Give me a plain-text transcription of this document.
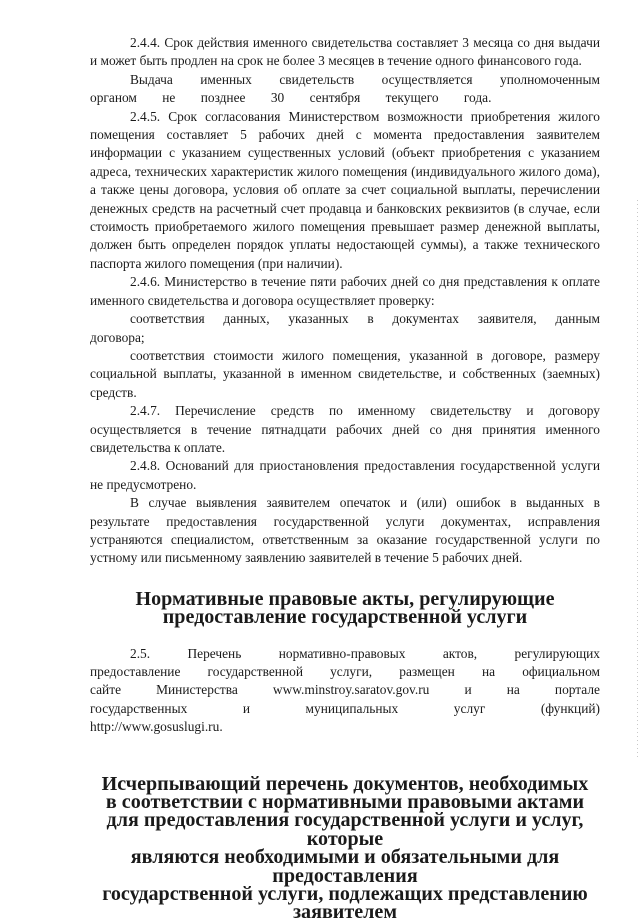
2.4.4. Срок действия именного свидетельства составляет 3 месяца со дня выдачи и может быть продлен на срок не более 3 месяцев в течение одного финансового года.

Выдача именных свидетельств осуществляется уполномоченным органом не позднее 30 сентября текущего года.

2.4.5. Срок согласования Министерством возможности приобретения жилого помещения составляет 5 рабочих дней с момента предоставления заявителем информации с указанием существенных условий (объект приобретения с указанием адреса, технических характеристик жилого помещения (индивидуального жилого дома), а также цены договора, условия об оплате за счет социальной выплаты, перечислении денежных средств на расчетный счет продавца и банковских реквизитов (в случае, если стоимость приобретаемого жилого помещения превышает размер денежной выплаты, должен быть определен порядок уплаты недостающей суммы), а также технического паспорта жилого помещения (при наличии).

2.4.6. Министерство в течение пяти рабочих дней со дня представления к оплате именного свидетельства и договора осуществляет проверку:

соответствия данных, указанных в документах заявителя, данным договора;

соответствия стоимости жилого помещения, указанной в договоре, размеру социальной выплаты, указанной в именном свидетельстве, и собственных (заемных) средств.

2.4.7. Перечисление средств по именному свидетельству и договору осуществляется в течение пятнадцати рабочих дней со дня принятия именного свидетельства к оплате.

2.4.8. Оснований для приостановления предоставления государственной услуги не предусмотрено.

В случае выявления заявителем опечаток и (или) ошибок в выданных в результате предоставления государственной услуги документах, исправления устраняются специалистом, ответственным за оказание государственной услуги по устному или письменному заявлению заявителей в течение 5 рабочих дней.

Нормативные правовые акты, регулирующие
предоставление государственной услуги

2.5. Перечень нормативно-правовых актов, регулирующих предоставление государственной услуги, размещен на официальном сайте Министерства www.minstroy.saratov.gov.ru и на портале государственных и муниципальных услуг (функций) http://www.gosuslugi.ru.

Исчерпывающий перечень документов, необходимых
в соответствии с нормативными правовыми актами
для предоставления государственной услуги и услуг, которые
являются необходимыми и обязательными для предоставления
государственной услуги, подлежащих представлению заявителем
